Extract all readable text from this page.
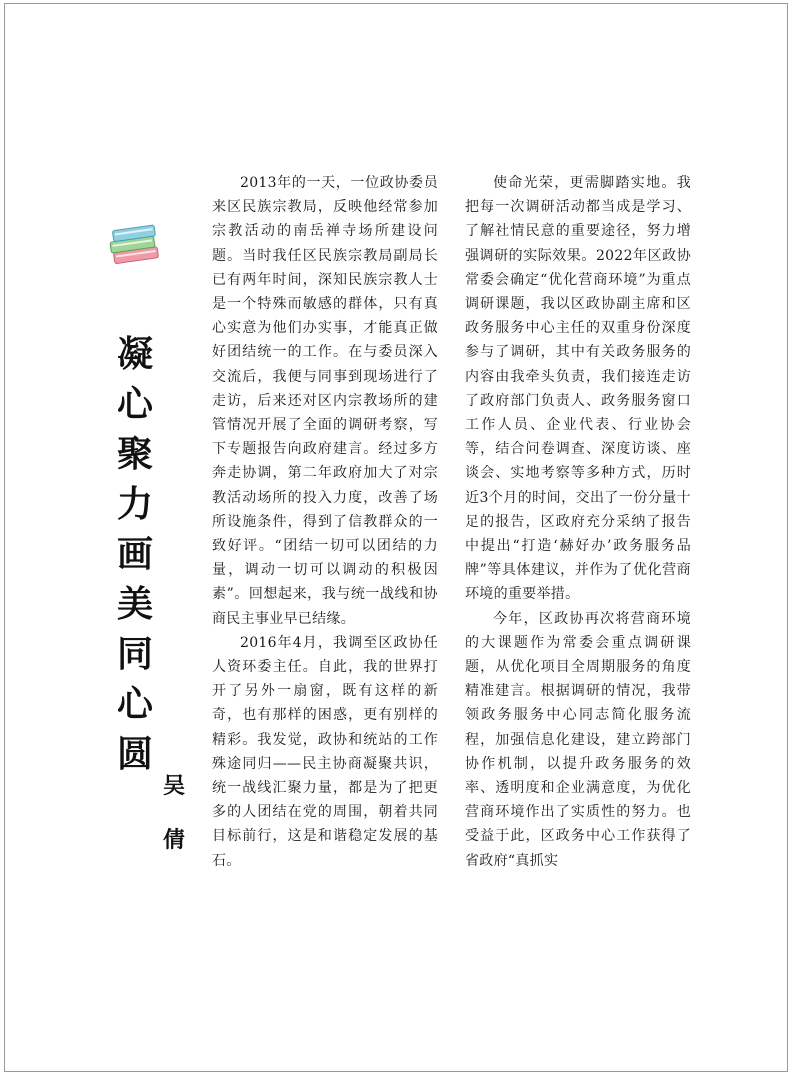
凝
心
聚
力
画
美
同
心
圆
吴
倩

2013年的一天，一位政协委员来区民族宗教局，反映他经常参加宗教活动的南岳禅寺场所建设问题。当时我任区民族宗教局副局长已有两年时间，深知民族宗教人士是一个特殊而敏感的群体，只有真心实意为他们办实事，才能真正做好团结统一的工作。在与委员深入交流后，我便与同事到现场进行了走访，后来还对区内宗教场所的建管情况开展了全面的调研考察，写下专题报告向政府建言。经过多方奔走协调，第二年政府加大了对宗教活动场所的投入力度，改善了场所设施条件，得到了信教群众的一致好评。“团结一切可以团结的力量，调动一切可以调动的积极因素”。回想起来，我与统一战线和协商民主事业早已结缘。

2016年4月，我调至区政协任人资环委主任。自此，我的世界打开了另外一扇窗，既有这样的新奇，也有那样的困惑，更有别样的精彩。我发觉，政协和统站的工作殊途同归——民主协商凝聚共识，统一战线汇聚力量，都是为了把更多的人团结在党的周围，朝着共同目标前行，这是和谐稳定发展的基石。

使命光荣，更需脚踏实地。我把每一次调研活动都当成是学习、了解社情民意的重要途径，努力增强调研的实际效果。2022年区政协常委会确定“优化营商环境”为重点调研课题，我以区政协副主席和区政务服务中心主任的双重身份深度参与了调研，其中有关政务服务的内容由我牵头负责，我们接连走访了政府部门负责人、政务服务窗口工作人员、企业代表、行业协会等，结合问卷调查、深度访谈、座谈会、实地考察等多种方式，历时近3个月的时间，交出了一份分量十足的报告，区政府充分采纳了报告中提出“打造‘赫好办’政务服务品牌”等具体建议，并作为了优化营商环境的重要举措。

今年，区政协再次将营商环境的大课题作为常委会重点调研课题，从优化项目全周期服务的角度精准建言。根据调研的情况，我带领政务服务中心同志简化服务流程，加强信息化建设，建立跨部门协作机制，以提升政务服务的效率、透明度和企业满意度，为优化营商环境作出了实质性的努力。也受益于此，区政务中心工作获得了省政府“真抓实
